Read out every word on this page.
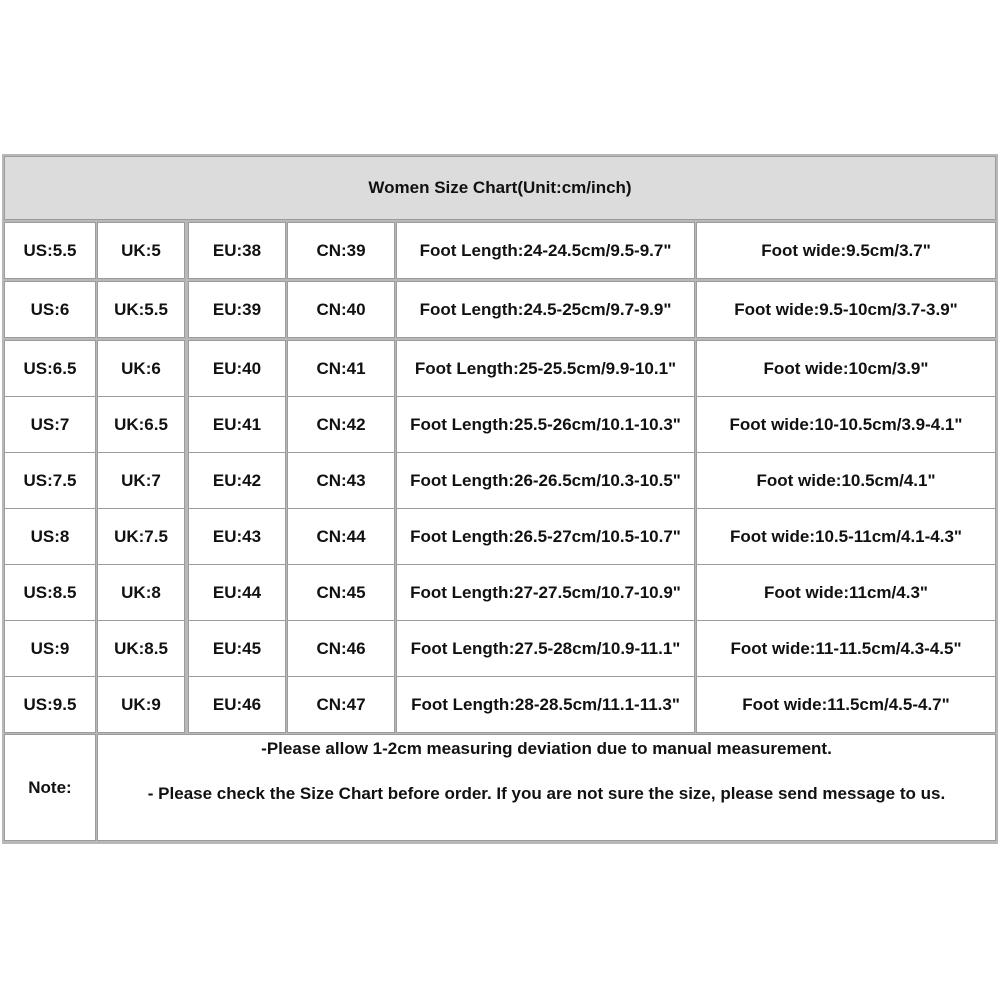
Women Size Chart(Unit:cm/inch)
US:5.5	UK:5	EU:38	CN:39	Foot Length:24-24.5cm/9.5-9.7"	Foot wide:9.5cm/3.7"
US:6	UK:5.5	EU:39	CN:40	Foot Length:24.5-25cm/9.7-9.9"	Foot wide:9.5-10cm/3.7-3.9"
US:6.5	UK:6	EU:40	CN:41	Foot Length:25-25.5cm/9.9-10.1"	Foot wide:10cm/3.9"
US:7	UK:6.5	EU:41	CN:42	Foot Length:25.5-26cm/10.1-10.3"	Foot wide:10-10.5cm/3.9-4.1"
US:7.5	UK:7	EU:42	CN:43	Foot Length:26-26.5cm/10.3-10.5"	Foot wide:10.5cm/4.1"
US:8	UK:7.5	EU:43	CN:44	Foot Length:26.5-27cm/10.5-10.7"	Foot wide:10.5-11cm/4.1-4.3"
US:8.5	UK:8	EU:44	CN:45	Foot Length:27-27.5cm/10.7-10.9"	Foot wide:11cm/4.3"
US:9	UK:8.5	EU:45	CN:46	Foot Length:27.5-28cm/10.9-11.1"	Foot wide:11-11.5cm/4.3-4.5"
US:9.5	UK:9	EU:46	CN:47	Foot Length:28-28.5cm/11.1-11.3"	Foot wide:11.5cm/4.5-4.7"
Note:
-Please allow 1-2cm measuring deviation due to manual measurement.
- Please check the Size Chart before order. If you are not sure the size, please send message to us.
